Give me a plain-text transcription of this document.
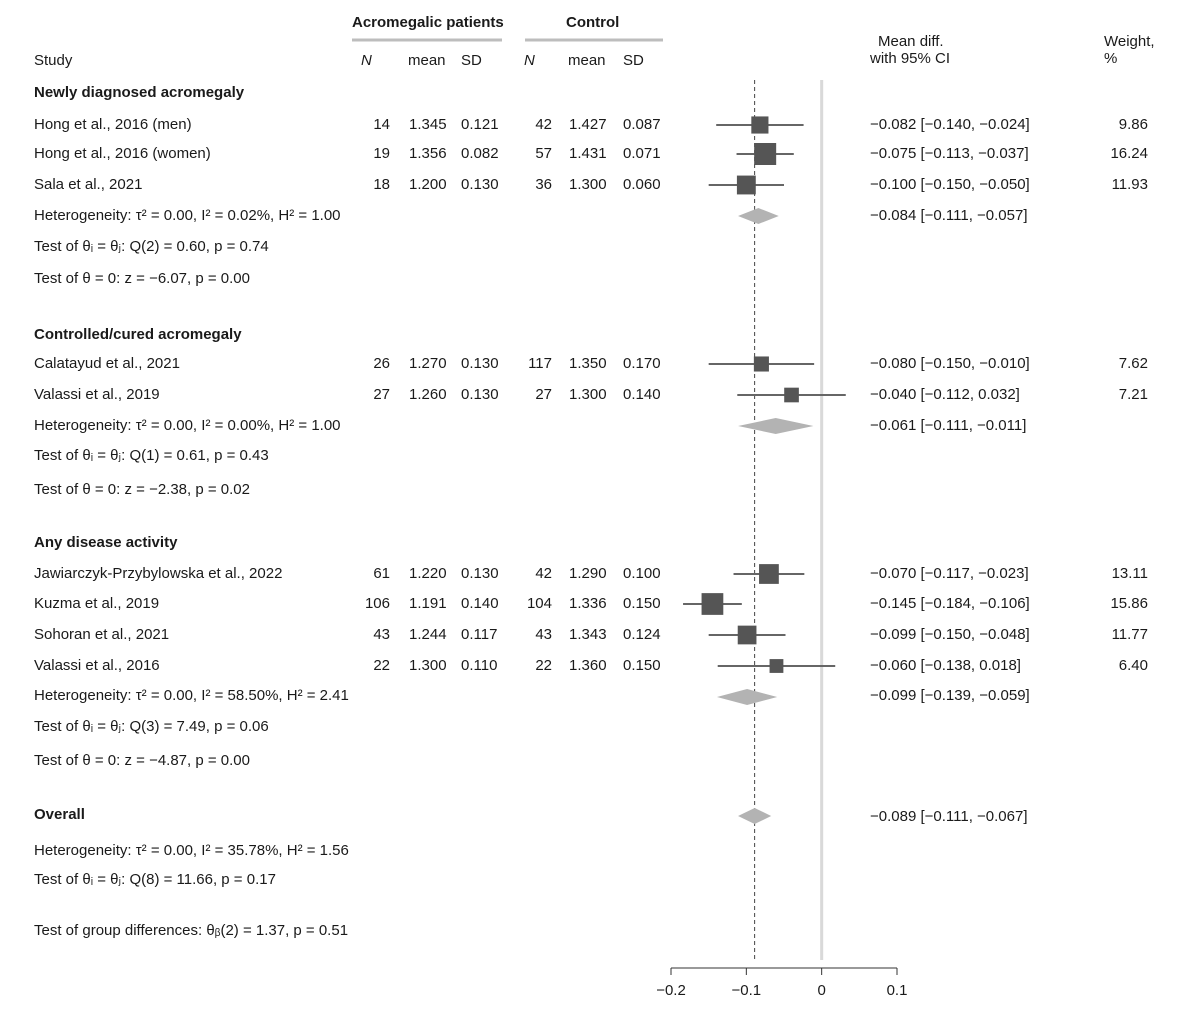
Acromegalic patients	Control
Study	N mean SD	N mean SD
Mean diff.
with 95% CI
Weight,
%
Newly diagnosed acromegaly
Hong et al., 2016 (men)	14 1.345 0.121	42 1.427 0.087	−0.082 [−0.140, −0.024]	9.86
Hong et al., 2016 (women)	19 1.356 0.082	57 1.431 0.071	−0.075 [−0.113, −0.037]	16.24
Sala et al., 2021	18 1.200 0.130	36 1.300 0.060	−0.100 [−0.150, −0.050]	11.93
Heterogeneity: τ² = 0.00, I² = 0.02%, H² = 1.00	−0.084 [−0.111, −0.057]
Test of θᵢ = θⱼ: Q(2) = 0.60, p = 0.74
Test of θ = 0: z = −6.07, p = 0.00
Controlled/cured acromegaly
Calatayud et al., 2021	26 1.270 0.130	117 1.350 0.170	−0.080 [−0.150, −0.010]	7.62
Valassi et al., 2019	27 1.260 0.130	27 1.300 0.140	−0.040 [−0.112, 0.032]	7.21
Heterogeneity: τ² = 0.00, I² = 0.00%, H² = 1.00	−0.061 [−0.111, −0.011]
Test of θᵢ = θⱼ: Q(1) = 0.61, p = 0.43
Test of θ = 0: z = −2.38, p = 0.02
Any disease activity
Jawiarczyk-Przybylowska et al., 2022	61 1.220 0.130	42 1.290 0.100	−0.070 [−0.117, −0.023]	13.11
Kuzma et al., 2019	106 1.191 0.140	104 1.336 0.150	−0.145 [−0.184, −0.106]	15.86
Sohoran et al., 2021	43 1.244 0.117	43 1.343 0.124	−0.099 [−0.150, −0.048]	11.77
Valassi et al., 2016	22 1.300 0.110	22 1.360 0.150	−0.060 [−0.138, 0.018]	6.40
Heterogeneity: τ² = 0.00, I² = 58.50%, H² = 2.41	−0.099 [−0.139, −0.059]
Test of θᵢ = θⱼ: Q(3) = 7.49, p = 0.06
Test of θ = 0: z = −4.87, p = 0.00
Overall	−0.089 [−0.111, −0.067]
Heterogeneity: τ² = 0.00, I² = 35.78%, H² = 1.56
Test of θᵢ = θⱼ: Q(8) = 11.66, p = 0.17
Test of group differences: θᵦ(2) = 1.37, p = 0.51
−0.2	−0.1	0	0.1
